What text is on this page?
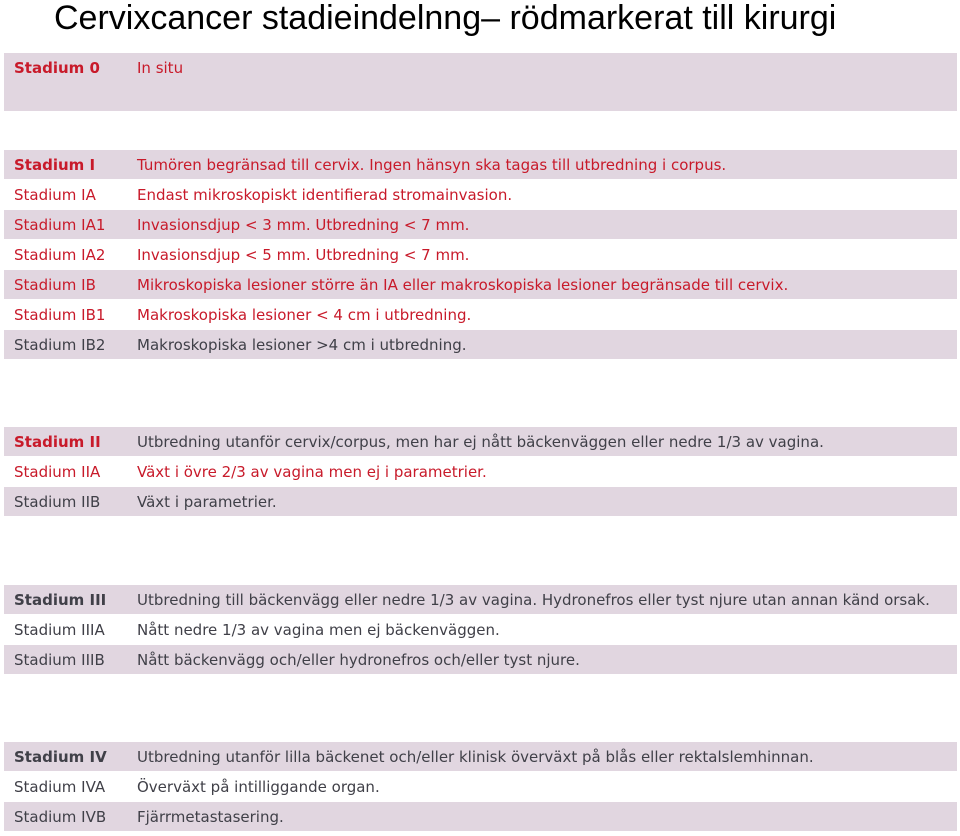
Cervixcancer stadieindelnng– rödmarkerat till kirurgi
Stadium 0	In situ
Stadium I	Tumören begränsad till cervix. Ingen hänsyn ska tagas till utbredning i corpus.
Stadium IA	Endast mikroskopiskt identifierad stromainvasion.
Stadium IA1	Invasionsdjup < 3 mm. Utbredning < 7 mm.
Stadium IA2	Invasionsdjup < 5 mm. Utbredning < 7 mm.
Stadium IB	Mikroskopiska lesioner större än IA eller makroskopiska lesioner begränsade till cervix.
Stadium IB1	Makroskopiska lesioner < 4 cm i utbredning.
Stadium IB2	Makroskopiska lesioner >4 cm i utbredning.
Stadium II	Utbredning utanför cervix/corpus, men har ej nått bäckenväggen eller nedre 1/3 av vagina.
Stadium IIA	Växt i övre 2/3 av vagina men ej i parametrier.
Stadium IIB	Växt i parametrier.
Stadium III	Utbredning till bäckenvägg eller nedre 1/3 av vagina. Hydronefros eller tyst njure utan annan känd orsak.
Stadium IIIA	Nått nedre 1/3 av vagina men ej bäckenväggen.
Stadium IIIB	Nått bäckenvägg och/eller hydronefros och/eller tyst njure.
Stadium IV	Utbredning utanför lilla bäckenet och/eller klinisk överväxt på blås eller rektalslemhinnan.
Stadium IVA	Överväxt på intilliggande organ.
Stadium IVB	Fjärrmetastasering.
